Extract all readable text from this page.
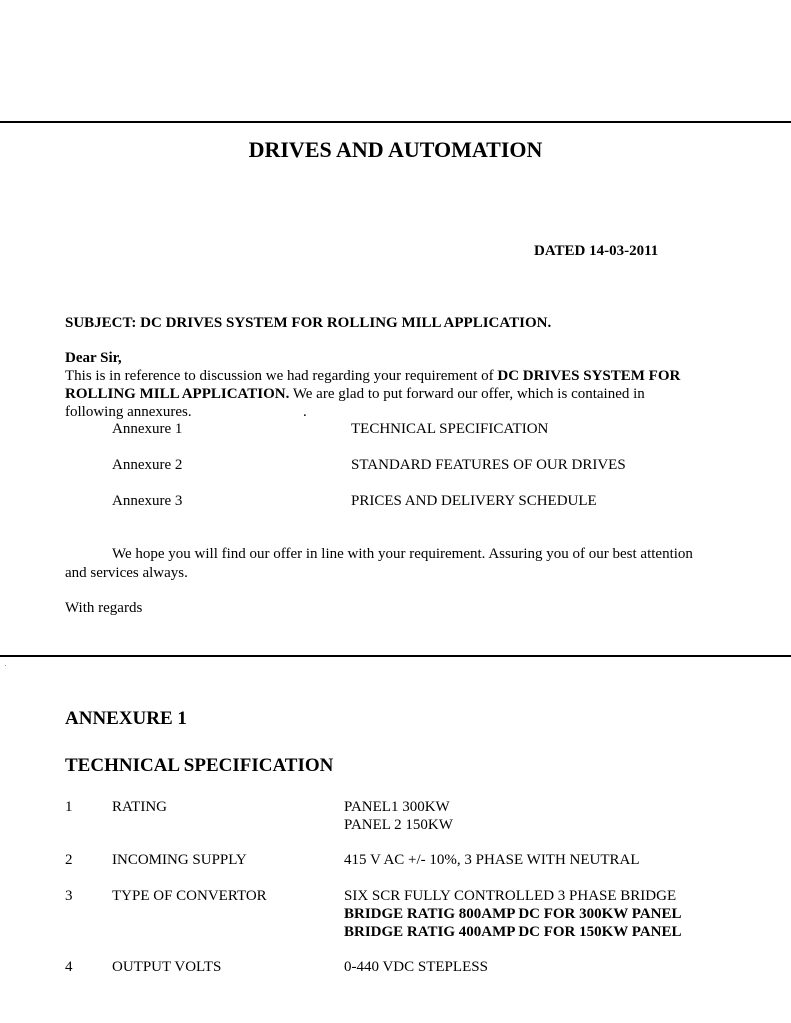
DRIVES AND AUTOMATION
DATED 14-03-2011
SUBJECT: DC DRIVES SYSTEM FOR ROLLING MILL APPLICATION.
Dear Sir,
This is in reference to discussion we had regarding your requirement of DC DRIVES SYSTEM FOR
ROLLING MILL APPLICATION. We are glad to put forward our offer, which is contained in
following annexures.	.
Annexure 1	TECHNICAL SPECIFICATION
Annexure 2	STANDARD FEATURES OF OUR DRIVES
Annexure 3	PRICES AND DELIVERY SCHEDULE
We hope you will find our offer in line with your requirement. Assuring you of our best attention
and services always.
With regards
ANNEXURE 1
TECHNICAL SPECIFICATION
1	RATING	PANEL1 300KW
PANEL 2 150KW
2	INCOMING SUPPLY	415 V AC +/- 10%, 3 PHASE WITH NEUTRAL
3	TYPE OF CONVERTOR	SIX SCR FULLY CONTROLLED 3 PHASE BRIDGE
BRIDGE RATIG 800AMP DC FOR 300KW PANEL
BRIDGE RATIG 400AMP DC FOR 150KW PANEL
4	OUTPUT VOLTS	0-440 VDC STEPLESS
